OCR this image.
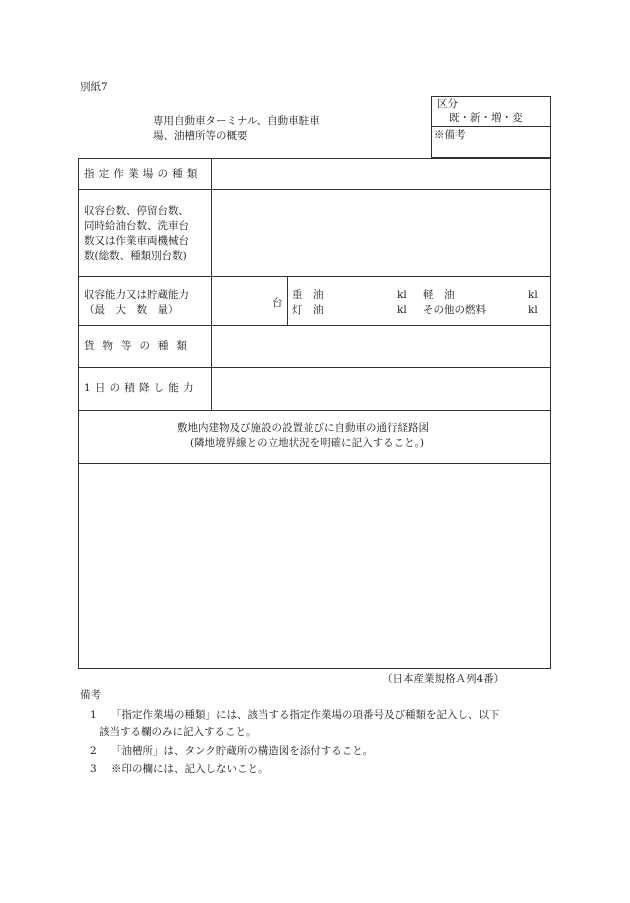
別紙7
専用自動車ターミナル、自動車駐車
場、油槽所等の概要
区分
既・新・増・変
※備考
指定作業場の種類
収容台数、停留台数、
同時給油台数、洗車台
数又は作業車両機械台
数(総数、種類別台数)
収容能力又は貯蔵能力
（最　大　数　量）
台
重　油
灯　油
kl
kl
軽　油
その他の燃料
kl
kl
貨物等の種類
1日の積降し能力
敷地内建物及び施設の設置並びに自動車の通行経路図
(隣地境界線との立地状況を明確に記入すること。)
（日本産業規格Ａ列4番）
備考
1 「指定作業場の種類」には、該当する指定作業場の項番号及び種類を記入し、以下
該当する欄のみに記入すること。
2 「油槽所」は、タンク貯蔵所の構造図を添付すること。
3 ※印の欄には、記入しないこと。
